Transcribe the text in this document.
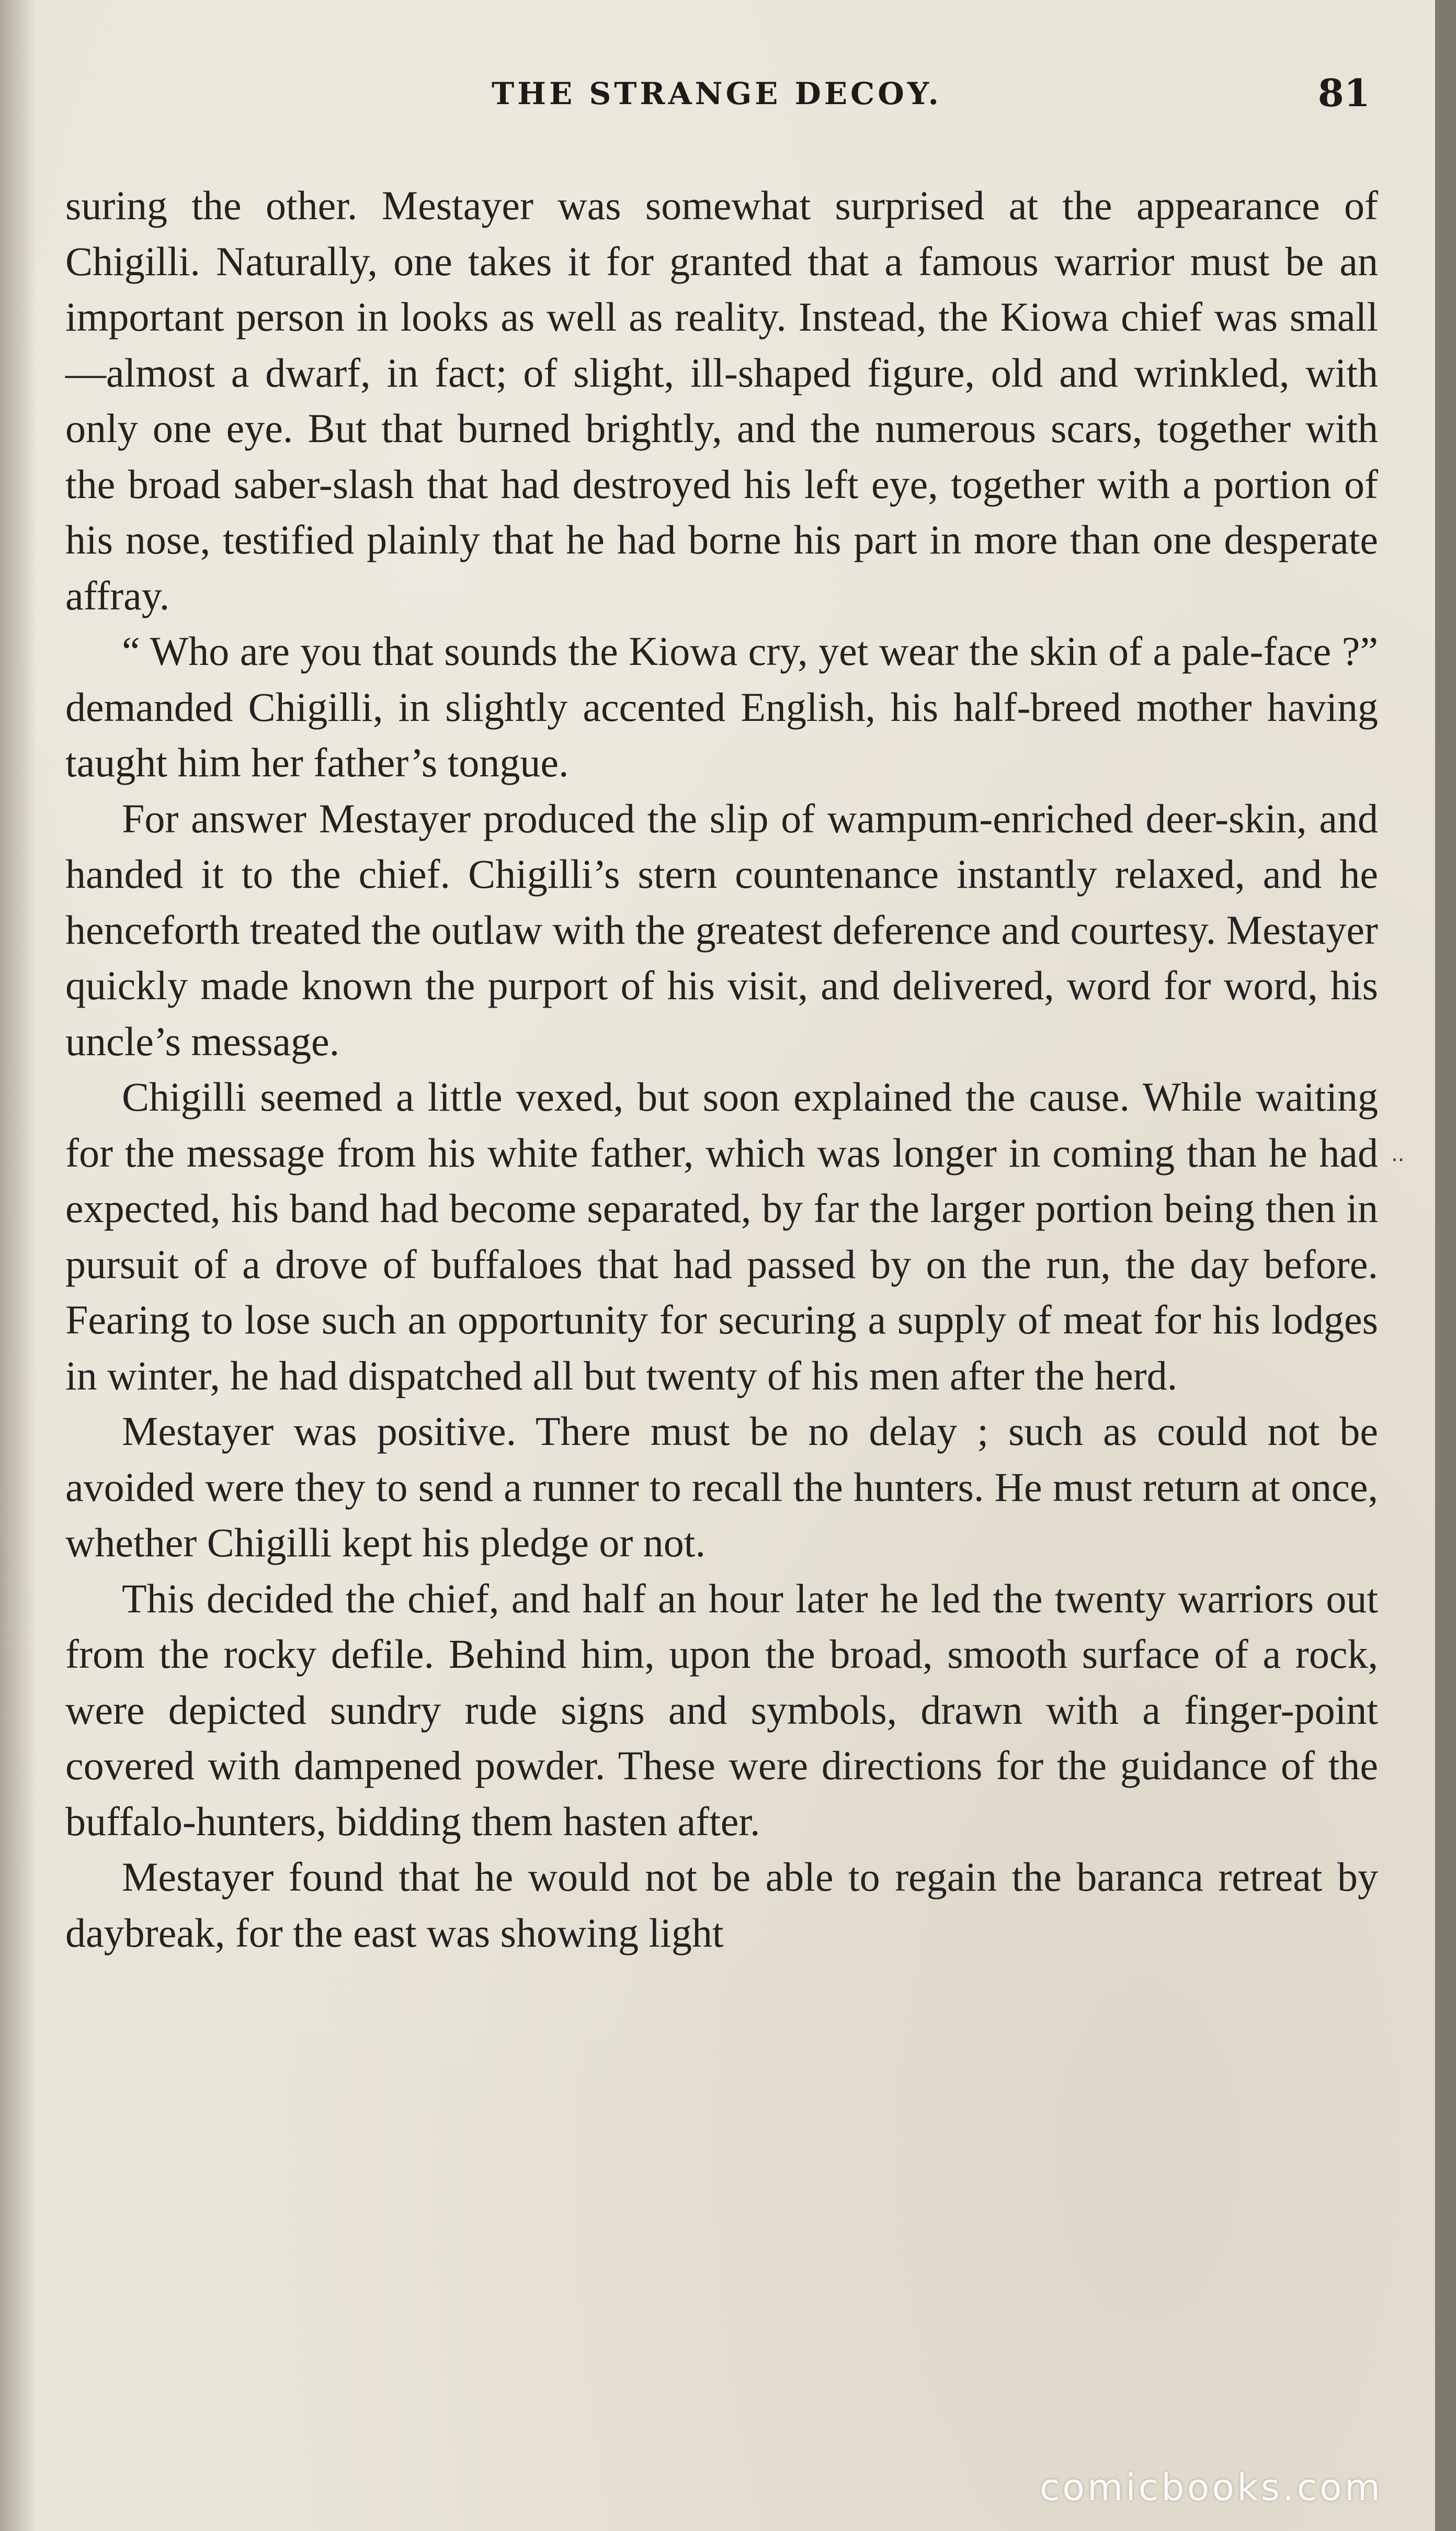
THE STRANGE DECOY.	81
··

suring the other. Mestayer was somewhat surprised at the appearance of Chigilli. Naturally, one takes it for granted that a famous warrior must be an important person in looks as well as reality. Instead, the Kiowa chief was small—almost a dwarf, in fact; of slight, ill-shaped figure, old and wrinkled, with only one eye. But that burned brightly, and the numerous scars, together with the broad saber-slash that had destroyed his left eye, together with a portion of his nose, testified plainly that he had borne his part in more than one desperate affray.

“ Who are you that sounds the Kiowa cry, yet wear the skin of a pale-face ?” demanded Chigilli, in slightly accented English, his half-breed mother having taught him her father’s tongue.

For answer Mestayer produced the slip of wampum-enriched deer-skin, and handed it to the chief. Chigilli’s stern countenance instantly relaxed, and he henceforth treated the outlaw with the greatest deference and courtesy. Mestayer quickly made known the purport of his visit, and delivered, word for word, his uncle’s message.

Chigilli seemed a little vexed, but soon explained the cause. While waiting for the message from his white father, which was longer in coming than he had expected, his band had become separated, by far the larger portion being then in pursuit of a drove of buffaloes that had passed by on the run, the day before. Fearing to lose such an opportunity for securing a supply of meat for his lodges in winter, he had dispatched all but twenty of his men after the herd.

Mestayer was positive. There must be no delay ; such as could not be avoided were they to send a runner to recall the hunters. He must return at once, whether Chigilli kept his pledge or not.

This decided the chief, and half an hour later he led the twenty warriors out from the rocky defile. Behind him, upon the broad, smooth surface of a rock, were depicted sundry rude signs and symbols, drawn with a finger-point covered with dampened powder. These were directions for the guidance of the buffalo-hunters, bidding them hasten after.

Mestayer found that he would not be able to regain the baranca retreat by daybreak, for the east was showing light

comicbooks.com
